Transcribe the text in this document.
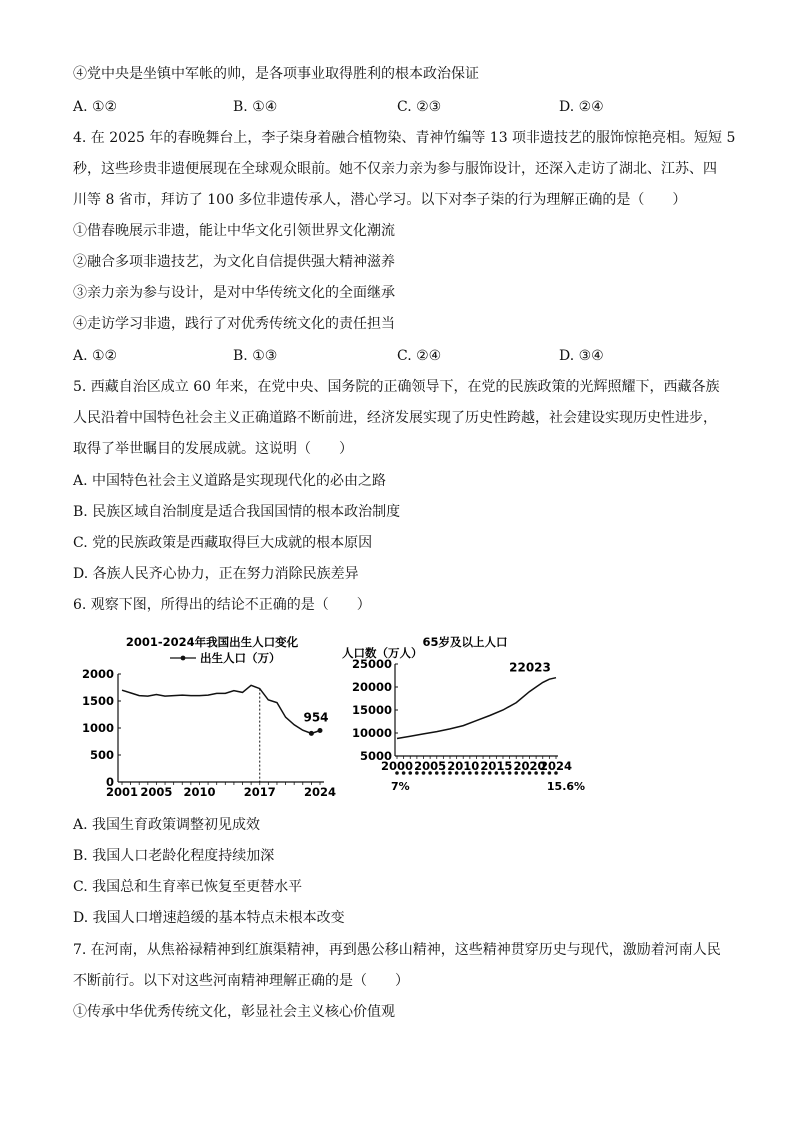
④党中央是坐镇中军帐的帅，是各项事业取得胜利的根本政治保证
A. ①②	B. ①④	C. ②③	D. ②④
4. 在 2025 年的春晚舞台上，李子柒身着融合植物染、青神竹编等 13 项非遗技艺的服饰惊艳亮相。短短 5
秒，这些珍贵非遗便展现在全球观众眼前。她不仅亲力亲为参与服饰设计，还深入走访了湖北、江苏、四
川等 8 省市，拜访了 100 多位非遗传承人，潜心学习。以下对李子柒的行为理解正确的是（　　）
①借春晚展示非遗，能让中华文化引领世界文化潮流
②融合多项非遗技艺，为文化自信提供强大精神滋养
③亲力亲为参与设计，是对中华传统文化的全面继承
④走访学习非遗，践行了对优秀传统文化的责任担当
A. ①②	B. ①③	C. ②④	D. ③④
5. 西藏自治区成立 60 年来，在党中央、国务院的正确领导下，在党的民族政策的光辉照耀下，西藏各族
人民沿着中国特色社会主义正确道路不断前进，经济发展实现了历史性跨越，社会建设实现历史性进步，
取得了举世瞩目的发展成就。这说明（　　）
A. 中国特色社会主义道路是实现现代化的必由之路
B. 民族区域自治制度是适合我国国情的根本政治制度
C. 党的民族政策是西藏取得巨大成就的根本原因
D. 各族人民齐心协力，正在努力消除民族差异
6. 观察下图，所得出的结论不正确的是（　　）
2001-2024年我国出生人口变化
出生人口（万）
0
500
1000
1500
2000
2001 2005 2010 2017 2024
954
65岁及以上人口
人口数（万人）
5000
10000
15000
20000
25000
2000 2005 2010 2015 2020
2024
22023
7%	15.6%
A. 我国生育政策调整初见成效
B. 我国人口老龄化程度持续加深
C. 我国总和生育率已恢复至更替水平
D. 我国人口增速趋缓的基本特点未根本改变
7. 在河南，从焦裕禄精神到红旗渠精神，再到愚公移山精神，这些精神贯穿历史与现代，激励着河南人民
不断前行。以下对这些河南精神理解正确的是（　　）
①传承中华优秀传统文化，彰显社会主义核心价值观
